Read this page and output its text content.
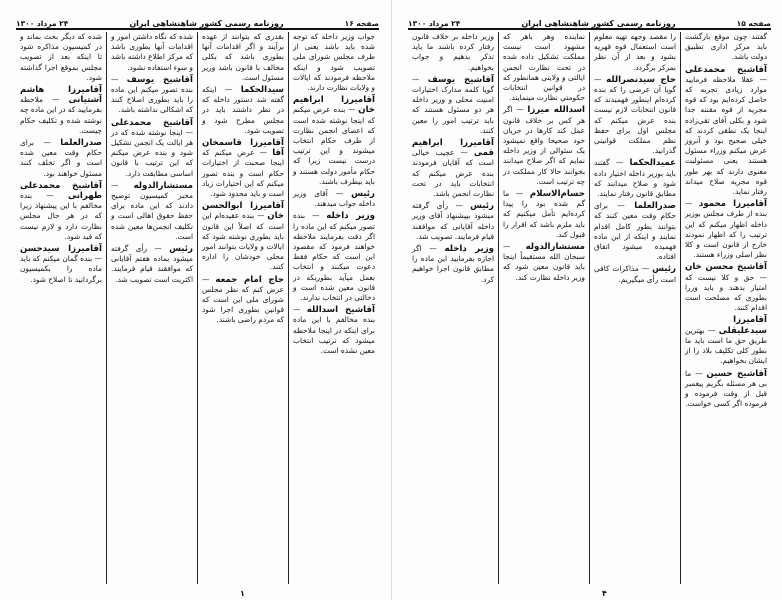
صفحه ۱۶
روزنامه رسمی کشور شاهنشاهی ایران
۲۴ مرداد ۱۳۰۰

جواب وزیر داخله که توجه شده باید باشد یعنی از طرف مجلس شورای ملی تصویب شود و اینکه ملاحظه فرمودند که ایالات و ولایات نظارت دارند.

آقامیرزا ابراهیم خان — بنده عرض میکنم که اینجا نوشته شده است که اعضای انجمن نظارت از طرف حکام انتخاب میشوند و این ترتیب درست نیست زیرا که حکام مأمور دولت هستند و باید بیطرف باشند.

رئیس — آقای وزیر داخله جواب میدهند.

وزیر داخله — بنده تصور میکنم که این ماده را اگر دقت بفرمایند ملاحظه خواهند فرمود که مقصود این است که حکام فقط دعوت میکنند و انتخاب بعمل میآید بطوریکه در قانون معین شده است و دخالتی در انتخاب ندارند.

آقاشیخ اسدالله — بنده مخالفم با این ماده برای اینکه در اینجا ملاحظه میشود که ترتیب انتخاب معین نشده است.

بقدری که بتوانند از عهده برآیند و اگر اقدامات آنها بطوری باشد که بکلی مخالف با قانون باشد وزیر مسئول است.

سیدالحکما — اینکه گفته شد دستور داخله که در نظر داشتند باید در مجلس مطرح شود و تصویب شود.

آقامیرزا قاسمخان آقا — عرض میکنم که اینجا صحبت از اختیارات حکام است و بنده تصور میکنم که این اختیارات زیاد است و باید محدود شود.

آقامیرزا ابوالحسن خان — بنده عقیده‌ام این است که اصلاً این قانون باید بطوری نوشته شود که ایالات و ولایات بتوانند امور محلی خودشان را اداره کنند.

حاج امام جمعه — عرض کنم که نظر مجلس شورای ملی این است که قوانین بطوری اجرا شود که مردم راضی باشند.

شده که نگاه داشتن امور و اقدامات آنها بطوری باشد که مرکز اطلاع داشته باشد و سوء استفاده نشود.

آقاشیخ یوسف — بنده تصور میکنم این ماده را باید بطوری اصلاح کنند که اشکالی نداشته باشد.

آقاشیخ محمدعلی — اینجا نوشته شده که در هر ایالت یک انجمن تشکیل شود و بنده عرض میکنم که این ترتیب با قانون اساسی مطابقت دارد.

مستشارالدوله — مخبر کمیسیون توضیح دادند که این ماده برای حفظ حقوق اهالی است و تکلیف انجمن‌ها معین شده است.

رئیس — رأی گرفته میشود بماده هفتم آقایانی که موافقند قیام فرمایند. اکثریت است تصویب شد.

شده که دیگر بحث بماند و در کمیسیون مذاکره شود تا اینکه بعد از تصویب مجلس بموقع اجرا گذاشته شود.

آقامیرزا هاشم آشتیانی — ملاحظه بفرمایید که در این ماده چه نوشته شده و تکلیف حکام چیست.

صدرالعلما — برای حکام وقت معین شده است و اگر تخلف کنند مسئول خواهند بود.

آقاشیخ محمدعلی طهرانی — بنده مخالفم با این پیشنهاد زیرا که در هر حال مجلس نظارت دارد و لازم نیست که قید شود.

آقامیرزا سیدحسن — بنده گمان میکنم که باید ماده را بکمیسیون برگردانید تا اصلاح شود.

۱
صفحه ۱۵
روزنامه رسمی کشور شاهنشاهی ایران
۲۴ مرداد ۱۳۰۰

گفتند چون موقع بازگشت باید مرکز اداری تطبیق دولت باشد.

آقاشیخ محمدعلی — عقلا ملاحظه فرمایید موارد زیادی تجربه که حاصل کرده‌ایم بود که قوه مجریه از قوه مقننه جدا شود و بکلی آقای تقی‌زاده اینجا یک نطقی کردند که خیلی صحیح بود و آنروز عرض میکنم وزراء مسئول هستند یعنی مسئولیت معنوی دارند که بهر طور قوه مجریه صلاح میداند رفتار نماید.

آقامیرزا محمود — بنده از طرف مجلس بوزیر داخله اظهار میکنم که این ترتیب را که اظهار نمودند خارج از قانون است و کلا نظر اصلی وزراء هستند.

آقاشیخ محسن خان — حق و کلا نیست که امتیاز بدهند و باید وزرا بطوری که مصلحت است اقدام کنند.

آقامیرزا سیدعلیقلی — بهترین طریق حق ما است باید ما بطور کلی تکلیف بلاد را از ایشان بخواهیم.

آقاشیخ حسین — ما بی هر مسئله بگریم پیغمبر قبل از وقت فرموده و فرموده اگر کسی خواست.

را مقصد وجهه تهیه معلوم است استعمال قوه قهریه بشود و بعد از آن نظر بمرکز برگردد.

حاج سیدنصرالله — گویا آن عرضی را که بنده کرده‌ام اینطور فهمیدند که قانون انتخابات لازم نیست بنده عرض میکنم که مجلس اول برای حفظ نظم مملکت قوانینی گذرانید.

عمیدالحکما — گفتند باید بوزیر داخله اختیار داده شود و صلاح میدانند که مطابق قانون رفتار نمایند.

صدرالعلما — برای حکام وقت معین کنند که بتوانند بطور کامل اقدام نمایند و اینکه از این ماده فهمیده میشود اتفاق افتاده.

رئیس — مذاکرات کافی است رأی میگیریم.

نماینده وهر باهر که مشهود است نیست مملکت تشکیل داده شده در تحت نظارت انجمن ایالتی و ولایتی همانطور که در قوانین انتخابات حکومتی نظارت مینمایند.

اسدالله میرزا — اگر هر کس بر خلاف قانون عمل کند کارها در جریان خود صحیحا واقع نمیشود یک سئوالی از وزیر داخله نمایم که اگر صلاح میدانند بخوانند حالا کار مملکت در چه ترتیب است.

حسام‌الاسلام — ما گم شده بود را پیدا کرده‌ایم تأمل میکنیم که باید ملزم باشد که اقرار را قبول کند.

مستشارالدوله — سبحان الله مستقیماً اینجا باید قانون معین شود که وزیر داخله نظارت کند.

وزیر داخله بر خلاف قانون رفتار کرده باشند ما باید تذکر بدهیم و جواب بخواهیم.

آقاشیخ یوسف — گویا کلمه مدارک اختیارات امنیت محلی و وزیر داخله هر دو مسئول هستند که باید ترتیب امور را معین کنند.

آقامیرزا ابراهیم قمی — عجیب خیالی است که آقایان فرمودند بنده عرض میکنم که انتخابات باید در تحت نظارت انجمن باشد.

رئیس — رأی گرفته میشود بپیشنهاد آقای وزیر داخله آقایانی که موافقند قیام فرمایند. تصویب شد.

وزیر داخله — اگر اجازه بفرمایید این ماده را مطابق قانون اجرا خواهیم کرد.

۴
